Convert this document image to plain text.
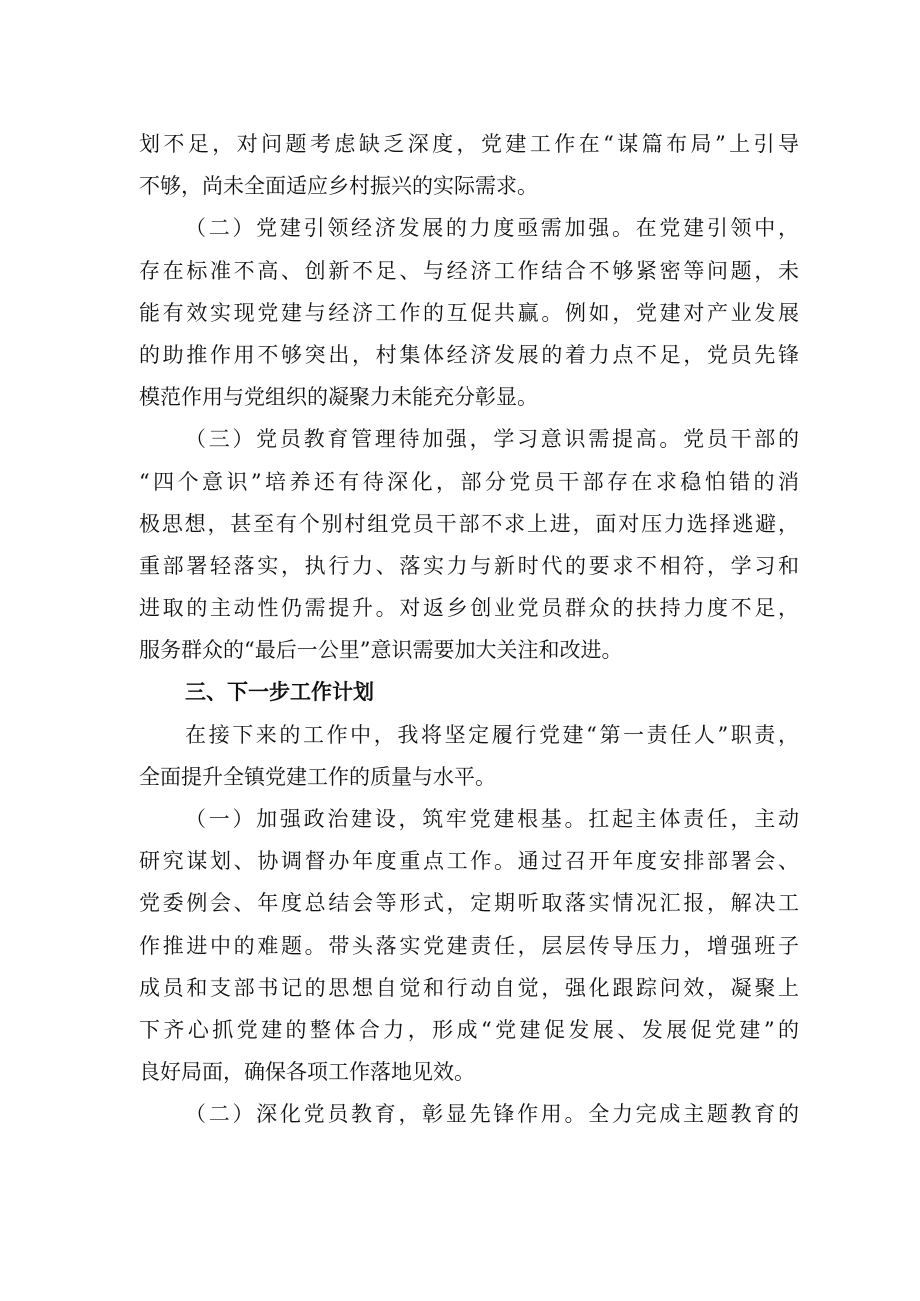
划不足，对问题考虑缺乏深度，党建工作在“谋篇布局”上引导
不够，尚未全面适应乡村振兴的实际需求。
（二）党建引领经济发展的力度亟需加强。在党建引领中，
存在标准不高、创新不足、与经济工作结合不够紧密等问题，未
能有效实现党建与经济工作的互促共赢。例如，党建对产业发展
的助推作用不够突出，村集体经济发展的着力点不足，党员先锋
模范作用与党组织的凝聚力未能充分彰显。
（三）党员教育管理待加强，学习意识需提高。党员干部的
“四个意识”培养还有待深化，部分党员干部存在求稳怕错的消
极思想，甚至有个别村组党员干部不求上进，面对压力选择逃避，
重部署轻落实，执行力、落实力与新时代的要求不相符，学习和
进取的主动性仍需提升。对返乡创业党员群众的扶持力度不足，
服务群众的“最后一公里”意识需要加大关注和改进。
三、下一步工作计划
在接下来的工作中，我将坚定履行党建“第一责任人”职责，
全面提升全镇党建工作的质量与水平。
（一）加强政治建设，筑牢党建根基。扛起主体责任，主动
研究谋划、协调督办年度重点工作。通过召开年度安排部署会、
党委例会、年度总结会等形式，定期听取落实情况汇报，解决工
作推进中的难题。带头落实党建责任，层层传导压力，增强班子
成员和支部书记的思想自觉和行动自觉，强化跟踪问效，凝聚上
下齐心抓党建的整体合力，形成“党建促发展、发展促党建”的
良好局面，确保各项工作落地见效。
（二）深化党员教育，彰显先锋作用。全力完成主题教育的
